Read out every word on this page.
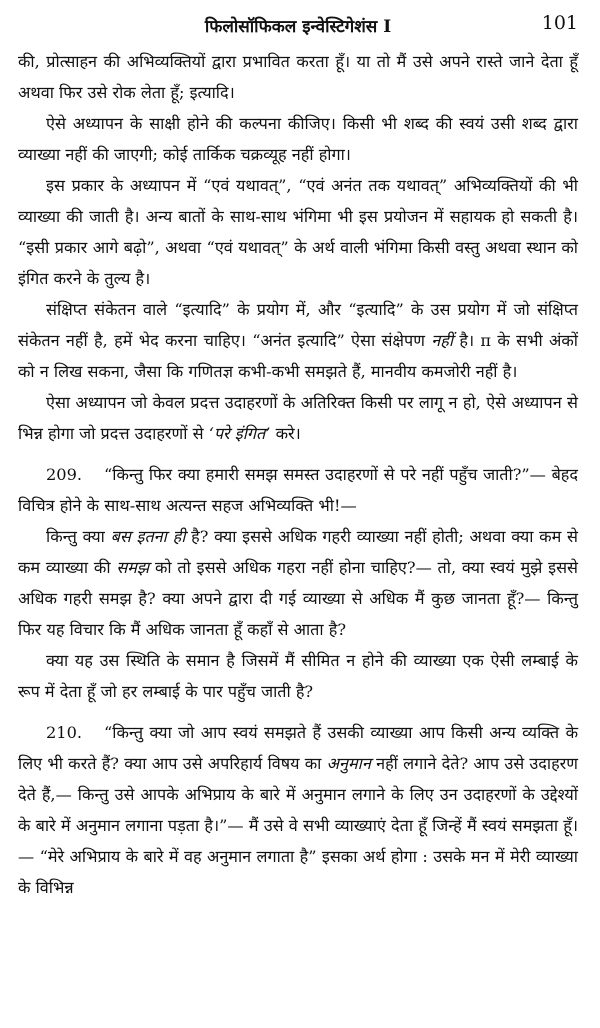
फिलोसॉफिकल इन्वेस्टिगेशंस I	101

की, प्रोत्साहन की अभिव्यक्तियों द्वारा प्रभावित करता हूँ। या तो मैं उसे अपने रास्ते जाने देता हूँ अथवा फिर उसे रोक लेता हूँ; इत्यादि।

ऐसे अध्यापन के साक्षी होने की कल्पना कीजिए। किसी भी शब्द की स्वयं उसी शब्द द्वारा व्याख्या नहीं की जाएगी; कोई तार्किक चक्रव्यूह नहीं होगा।

इस प्रकार के अध्यापन में “एवं यथावत्”, “एवं अनंत तक यथावत्” अभिव्यक्तियों की भी व्याख्या की जाती है। अन्य बातों के साथ-साथ भंगिमा भी इस प्रयोजन में सहायक हो सकती है। “इसी प्रकार आगे बढ़ो”, अथवा “एवं यथावत्” के अर्थ वाली भंगिमा किसी वस्तु अथवा स्थान को इंगित करने के तुल्य है।

संक्षिप्त संकेतन वाले “इत्यादि” के प्रयोग में, और “इत्यादि” के उस प्रयोग में जो संक्षिप्त संकेतन नहीं है, हमें भेद करना चाहिए। “अनंत इत्यादि” ऐसा संक्षेपण नहीं है। π के सभी अंकों को न लिख सकना, जैसा कि गणितज्ञ कभी-कभी समझते हैं, मानवीय कमजोरी नहीं है।

ऐसा अध्यापन जो केवल प्रदत्त उदाहरणों के अतिरिक्त किसी पर लागू न हो, ऐसे अध्यापन से भिन्न होगा जो प्रदत्त उदाहरणों से ‘परे इंगित’ करे।

209. “किन्तु फिर क्या हमारी समझ समस्त उदाहरणों से परे नहीं पहुँच जाती?”— बेहद विचित्र होने के साथ-साथ अत्यन्त सहज अभिव्यक्ति भी!—

किन्तु क्या बस इतना ही है? क्या इससे अधिक गहरी व्याख्या नहीं होती; अथवा क्या कम से कम व्याख्या की समझ को तो इससे अधिक गहरा नहीं होना चाहिए?— तो, क्या स्वयं मुझे इससे अधिक गहरी समझ है? क्या अपने द्वारा दी गई व्याख्या से अधिक मैं कुछ जानता हूँ?— किन्तु फिर यह विचार कि मैं अधिक जानता हूँ कहाँ से आता है?

क्या यह उस स्थिति के समान है जिसमें मैं सीमित न होने की व्याख्या एक ऐसी लम्बाई के रूप में देता हूँ जो हर लम्बाई के पार पहुँच जाती है?

210. “किन्तु क्या जो आप स्वयं समझते हैं उसकी व्याख्या आप किसी अन्य व्यक्ति के लिए भी करते हैं? क्या आप उसे अपरिहार्य विषय का अनुमान नहीं लगाने देते? आप उसे उदाहरण देते हैं,— किन्तु उसे आपके अभिप्राय के बारे में अनुमान लगाने के लिए उन उदाहरणों के उद्देश्यों के बारे में अनुमान लगाना पड़ता है।”— मैं उसे वे सभी व्याख्याएं देता हूँ जिन्हें मैं स्वयं समझता हूँ।— “मेरे अभिप्राय के बारे में वह अनुमान लगाता है” इसका अर्थ होगा : उसके मन में मेरी व्याख्या के विभिन्न
